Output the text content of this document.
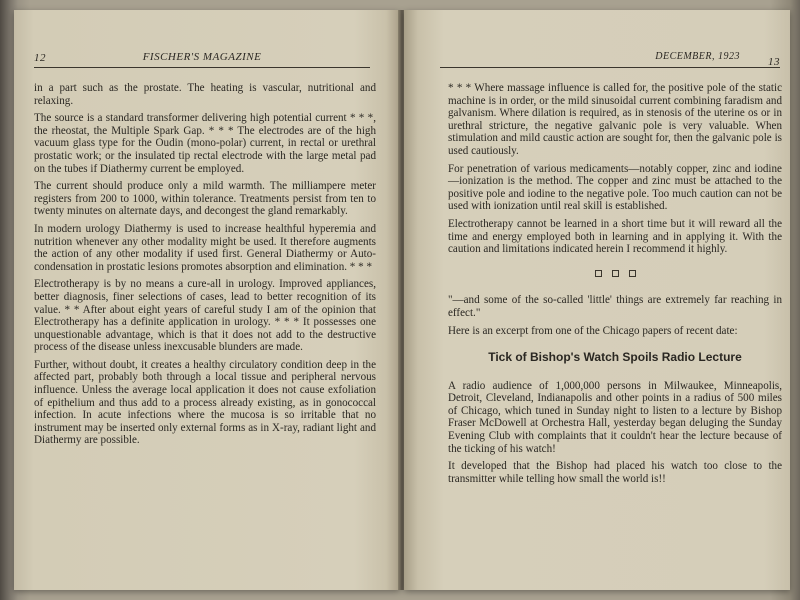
12	FISCHER'S MAGAZINE

in a part such as the prostate. The heating is vascular, nutritional and relaxing.

The source is a standard transformer delivering high potential current * * *, the rheostat, the Multiple Spark Gap. * * * The electrodes are of the high vacuum glass type for the Oudin (mono-polar) current, in rectal or urethral prostatic work; or the insulated tip rectal electrode with the large metal pad on the tubes if Diathermy current be employed.

The current should produce only a mild warmth. The milliampere meter registers from 200 to 1000, within tolerance. Treatments persist from ten to twenty minutes on alternate days, and decongest the gland remarkably.

In modern urology Diathermy is used to increase healthful hyperemia and nutrition whenever any other modality might be used. It therefore augments the action of any other modality if used first. General Diathermy or Auto-condensation in prostatic lesions promotes absorption and elimination. * * *

Electrotherapy is by no means a cure-all in urology. Improved appliances, better diagnosis, finer selections of cases, lead to better recognition of its value. * * After about eight years of careful study I am of the opinion that Electrotherapy has a definite application in urology. * * * It possesses one unquestionable advantage, which is that it does not add to the destructive process of the disease unless inexcusable blunders are made.

Further, without doubt, it creates a healthy circulatory condition deep in the affected part, probably both through a local tissue and peripheral nervous influence. Unless the average local application it does not cause exfoliation of epithelium and thus add to a process already existing, as in gonococcal infection. In acute infections where the mucosa is so irritable that no instrument may be inserted only external forms as in X-ray, radiant light and Diathermy are possible.

DECEMBER, 1923	13

* * * Where massage influence is called for, the positive pole of the static machine is in order, or the mild sinusoidal current combining faradism and galvanism. Where dilation is required, as in stenosis of the uterine os or in urethral stricture, the negative galvanic pole is very valuable. When stimulation and mild caustic action are sought for, then the galvanic pole is used cautiously.

For penetration of various medicaments—notably copper, zinc and iodine—ionization is the method. The copper and zinc must be attached to the positive pole and iodine to the negative pole. Too much caution can not be used with ionization until real skill is established.

Electrotherapy cannot be learned in a short time but it will reward all the time and energy employed both in learning and in applying it. With the caution and limitations indicated herein I recommend it highly.

"—and some of the so-called 'little' things are extremely far reaching in effect."

Here is an excerpt from one of the Chicago papers of recent date:

Tick of Bishop's Watch Spoils Radio Lecture

A radio audience of 1,000,000 persons in Milwaukee, Minneapolis, Detroit, Cleveland, Indianapolis and other points in a radius of 500 miles of Chicago, which tuned in Sunday night to listen to a lecture by Bishop Fraser McDowell at Orchestra Hall, yesterday began deluging the Sunday Evening Club with complaints that it couldn't hear the lecture because of the ticking of his watch!

It developed that the Bishop had placed his watch too close to the transmitter while telling how small the world is!!
